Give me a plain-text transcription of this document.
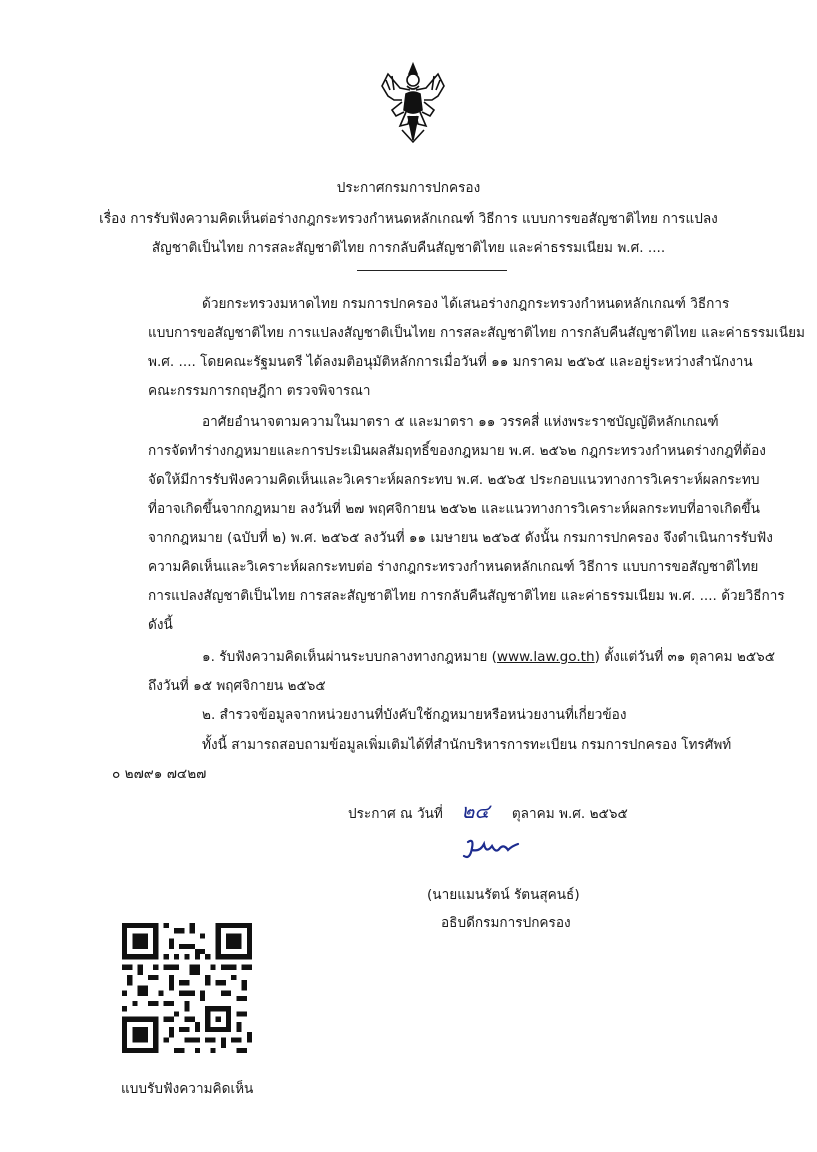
ประกาศกรมการปกครอง
เรื่อง การรับฟังความคิดเห็นต่อร่างกฎกระทรวงกำหนดหลักเกณฑ์ วิธีการ แบบการขอสัญชาติไทย การแปลง
สัญชาติเป็นไทย การสละสัญชาติไทย การกลับคืนสัญชาติไทย และค่าธรรมเนียม พ.ศ. ....
ด้วยกระทรวงมหาดไทย กรมการปกครอง ได้เสนอร่างกฎกระทรวงกำหนดหลักเกณฑ์ วิธีการ
แบบการขอสัญชาติไทย การแปลงสัญชาติเป็นไทย การสละสัญชาติไทย การกลับคืนสัญชาติไทย และค่าธรรมเนียม
พ.ศ. .... โดยคณะรัฐมนตรี ได้ลงมติอนุมัติหลักการเมื่อวันที่ ๑๑ มกราคม ๒๕๖๕ และอยู่ระหว่างสำนักงาน
คณะกรรมการกฤษฎีกา ตรวจพิจารณา
อาศัยอำนาจตามความในมาตรา ๕ และมาตรา ๑๑ วรรคสี่ แห่งพระราชบัญญัติหลักเกณฑ์
การจัดทำร่างกฎหมายและการประเมินผลสัมฤทธิ์ของกฎหมาย พ.ศ. ๒๕๖๒ กฎกระทรวงกำหนดร่างกฎที่ต้อง
จัดให้มีการรับฟังความคิดเห็นและวิเคราะห์ผลกระทบ พ.ศ. ๒๕๖๕ ประกอบแนวทางการวิเคราะห์ผลกระทบ
ที่อาจเกิดขึ้นจากกฎหมาย ลงวันที่ ๒๗ พฤศจิกายน ๒๕๖๒ และแนวทางการวิเคราะห์ผลกระทบที่อาจเกิดขึ้น
จากกฎหมาย (ฉบับที่ ๒) พ.ศ. ๒๕๖๕ ลงวันที่ ๑๑ เมษายน ๒๕๖๕ ดังนั้น กรมการปกครอง จึงดำเนินการรับฟัง
ความคิดเห็นและวิเคราะห์ผลกระทบต่อ ร่างกฎกระทรวงกำหนดหลักเกณฑ์ วิธีการ แบบการขอสัญชาติไทย
การแปลงสัญชาติเป็นไทย การสละสัญชาติไทย การกลับคืนสัญชาติไทย และค่าธรรมเนียม พ.ศ. .... ด้วยวิธีการ
ดังนี้
๑. รับฟังความคิดเห็นผ่านระบบกลางทางกฎหมาย (www.law.go.th) ตั้งแต่วันที่ ๓๑ ตุลาคม ๒๕๖๕
ถึงวันที่ ๑๕ พฤศจิกายน ๒๕๖๕
๒. สำรวจข้อมูลจากหน่วยงานที่บังคับใช้กฎหมายหรือหน่วยงานที่เกี่ยวข้อง
ทั้งนี้ สามารถสอบถามข้อมูลเพิ่มเติมได้ที่สำนักบริหารการทะเบียน กรมการปกครอง โทรศัพท์
๐ ๒๗๙๑ ๗๔๒๗
ประกาศ ณ วันที่ ๒๔ ตุลาคม พ.ศ. ๒๕๖๕
(นายแมนรัตน์ รัตนสุคนธ์)
อธิบดีกรมการปกครอง
แบบรับฟังความคิดเห็น
